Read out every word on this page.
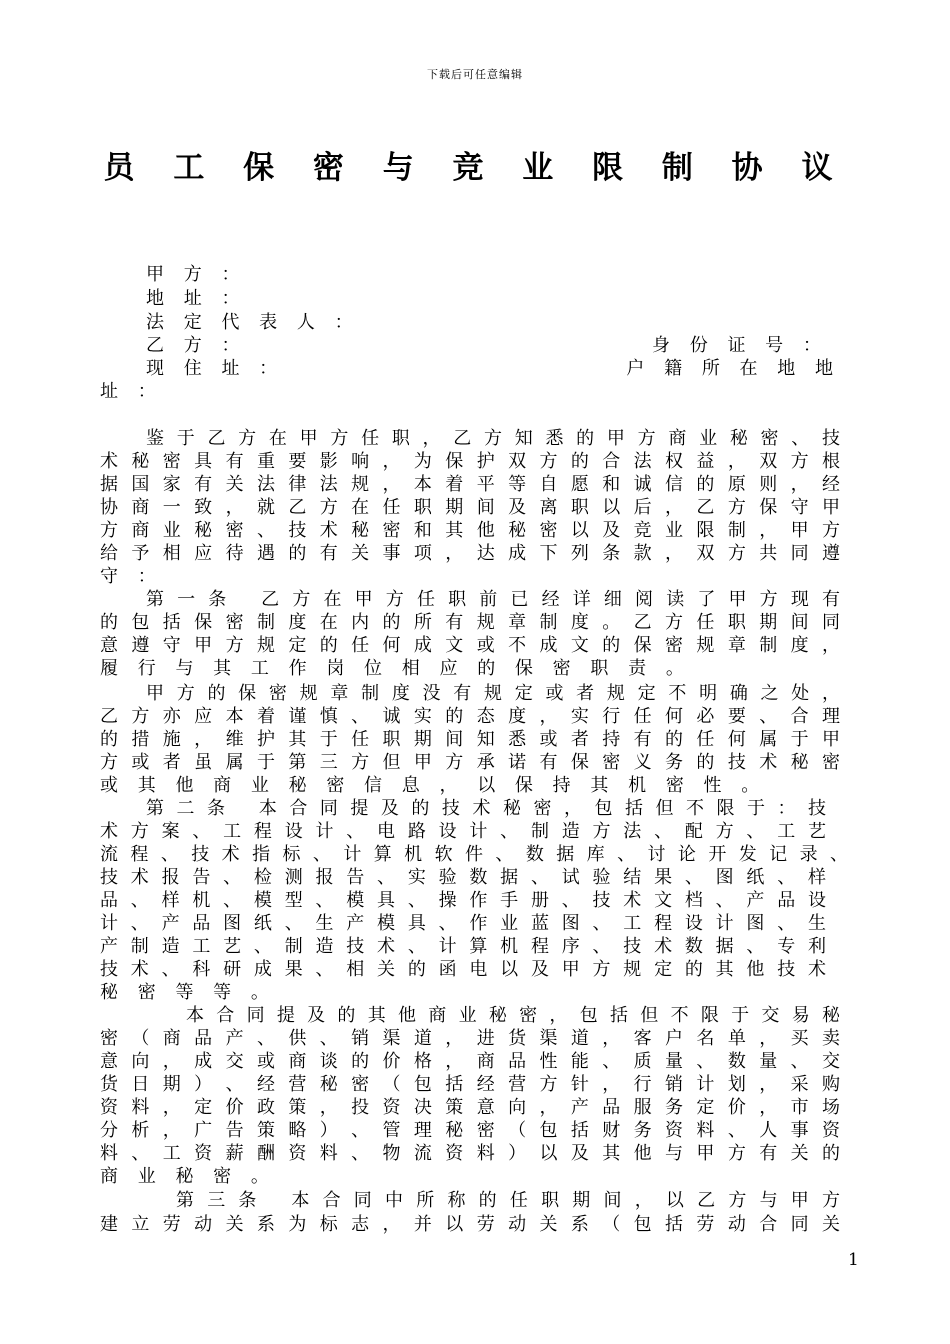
下载后可任意编辑
员 工 保 密 与 竞 业 限 制 协 议
甲 方 ：
地 址 ：
法 定 代 表 人 ：
乙 方 ：	身 份 证 号 ：
现 住 址 ：	户 籍 所 在 地 地
址 ：
鉴 于 乙 方 在 甲 方 任 职 ， 乙 方 知 悉 的 甲 方 商 业 秘 密 、 技
术 秘 密 具 有 重 要 影 响 ， 为 保 护 双 方 的 合 法 权 益 ， 双 方 根
据 国 家 有 关 法 律 法 规 ， 本 着 平 等 自 愿 和 诚 信 的 原 则 ， 经
协 商 一 致 ， 就 乙 方 在 任 职 期 间 及 离 职 以 后 ， 乙 方 保 守 甲
方 商 业 秘 密 、 技 术 秘 密 和 其 他 秘 密 以 及 竞 业 限 制 ， 甲 方
给 予 相 应 待 遇 的 有 关 事 项 ， 达 成 下 列 条 款 ， 双 方 共 同 遵
守 ：
第 一 条　 乙 方 在 甲 方 任 职 前 已 经 详 细 阅 读 了 甲 方 现 有
的 包 括 保 密 制 度 在 内 的 所 有 规 章 制 度 。 乙 方 任 职 期 间 同
意 遵 守 甲 方 规 定 的 任 何 成 文 或 不 成 文 的 保 密 规 章 制 度 ，
履 行 与 其 工 作 岗 位 相 应 的 保 密 职 责 。
甲 方 的 保 密 规 章 制 度 没 有 规 定 或 者 规 定 不 明 确 之 处 ，
乙 方 亦 应 本 着 谨 慎 、 诚 实 的 态 度 ， 实 行 任 何 必 要 、 合 理
的 措 施 ， 维 护 其 于 任 职 期 间 知 悉 或 者 持 有 的 任 何 属 于 甲
方 或 者 虽 属 于 第 三 方 但 甲 方 承 诺 有 保 密 义 务 的 技 术 秘 密
或 其 他 商 业 秘 密 信 息 ， 以 保 持 其 机 密 性 。
第 二 条　 本 合 同 提 及 的 技 术 秘 密 ， 包 括 但 不 限 于 ： 技
术 方 案 、 工 程 设 计 、 电 路 设 计 、 制 造 方 法 、 配 方 、 工 艺
流 程 、 技 术 指 标 、 计 算 机 软 件 、 数 据 库 、 讨 论 开 发 记 录 、
技 术 报 告 、 检 测 报 告 、 实 验 数 据 、 试 验 结 果 、 图 纸 、 样
品 、 样 机 、 模 型 、 模 具 、 操 作 手 册 、 技 术 文 档 、 产 品 设
计 、 产 品 图 纸 、 生 产 模 具 、 作 业 蓝 图 、 工 程 设 计 图 、 生
产 制 造 工 艺 、 制 造 技 术 、 计 算 机 程 序 、 技 术 数 据 、 专 利
技 术 、 科 研 成 果 、 相 关 的 函 电 以 及 甲 方 规 定 的 其 他 技 术
秘 密 等 等 。
本 合 同 提 及 的 其 他 商 业 秘 密 ， 包 括 但 不 限 于 交 易 秘
密 （ 商 品 产 、 供 、 销 渠 道 ， 进 货 渠 道 ， 客 户 名 单 ， 买 卖
意 向 ， 成 交 或 商 谈 的 价 格 ， 商 品 性 能 、 质 量 、 数 量 、 交
货 日 期 ） 、 经 营 秘 密 （ 包 括 经 营 方 针 ， 行 销 计 划 ， 采 购
资 料 ， 定 价 政 策 ， 投 资 决 策 意 向 ， 产 品 服 务 定 价 ， 市 场
分 析 ， 广 告 策 略 ） 、 管 理 秘 密 （ 包 括 财 务 资 料 、 人 事 资
料 、 工 资 薪 酬 资 料 、 物 流 资 料 ） 以 及 其 他 与 甲 方 有 关 的
商 业 秘 密 。
第 三 条　 本 合 同 中 所 称 的 任 职 期 间 ， 以 乙 方 与 甲 方
建 立 劳 动 关 系 为 标 志 ， 并 以 劳 动 关 系 （ 包 括 劳 动 合 同 关
1
